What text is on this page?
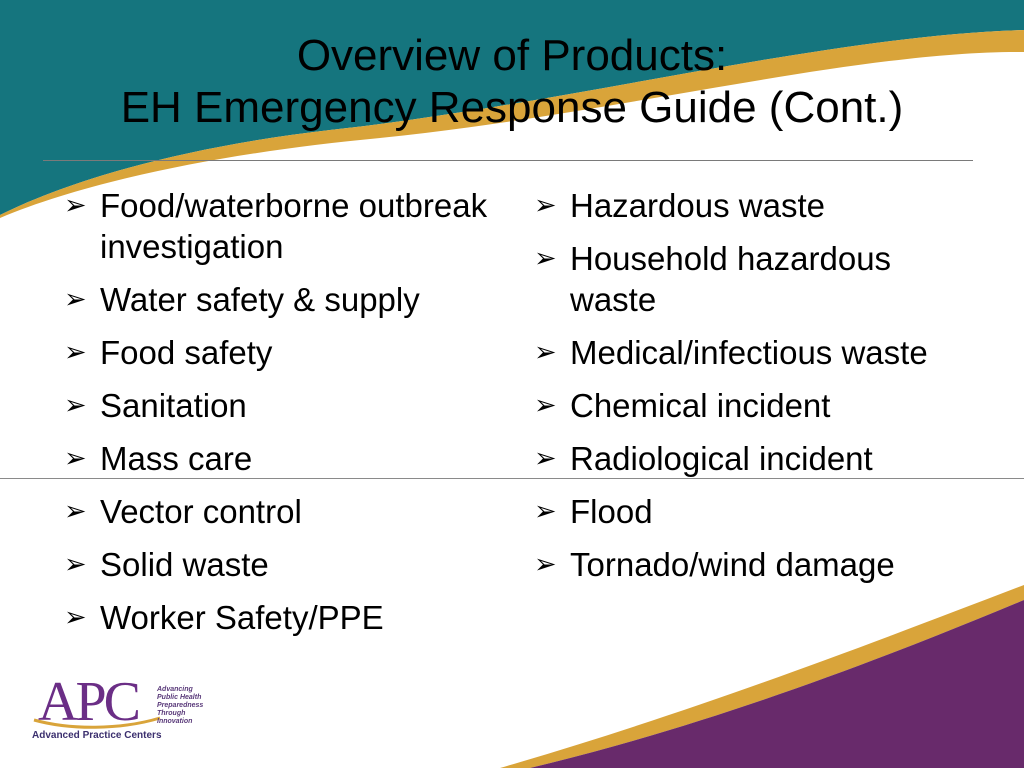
Overview of Products:
EH Emergency Response Guide (Cont.)
➢ Food/waterborne outbreak investigation
➢ Water safety & supply
➢ Food safety
➢ Sanitation
➢ Mass care
➢ Vector control
➢ Solid waste
➢ Worker Safety/PPE
➢ Hazardous waste
➢ Household hazardous waste
➢ Medical/infectious waste
➢ Chemical incident
➢ Radiological incident
➢ Flood
➢ Tornado/wind damage
APC	Advancing
Public Health
Preparedness
Through
Innovation
Advanced Practice Centers
